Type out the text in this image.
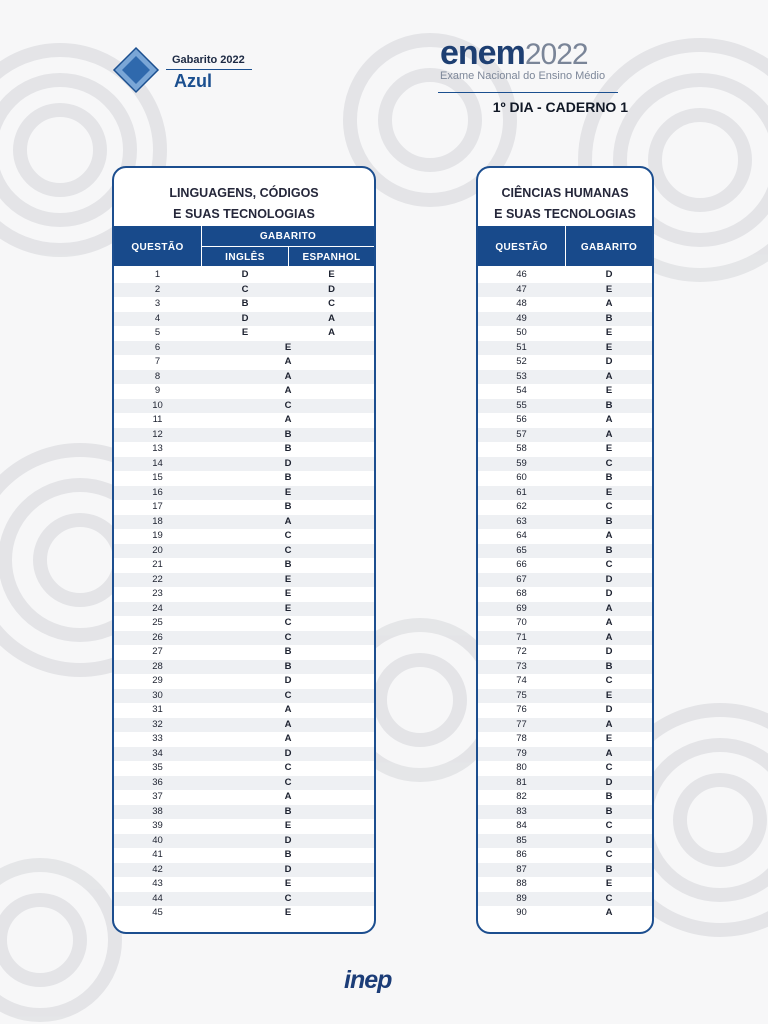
Gabarito 2022
Azul
enem2022
Exame Nacional do Ensino Médio
1º DIA - CADERNO 1
LINGUAGENS, CÓDIGOS
E SUAS TECNOLOGIAS
QUESTÃO
GABARITO
INGLÊS	ESPANHOL
1	D	E
2	C	D
3	B	C
4	D	A
5	E	A
6	E
7	A
8	A
9	A
10	C
11	A
12	B
13	B
14	D
15	B
16	E
17	B
18	A
19	C
20	C
21	B
22	E
23	E
24	E
25	C
26	C
27	B
28	B
29	D
30	C
31	A
32	A
33	A
34	D
35	C
36	C
37	A
38	B
39	E
40	D
41	B
42	D
43	E
44	C
45	E
CIÊNCIAS HUMANAS
E SUAS TECNOLOGIAS
QUESTÃO	GABARITO
46	D
47	E
48	A
49	B
50	E
51	E
52	D
53	A
54	E
55	B
56	A
57	A
58	E
59	C
60	B
61	E
62	C
63	B
64	A
65	B
66	C
67	D
68	D
69	A
70	A
71	A
72	D
73	B
74	C
75	E
76	D
77	A
78	E
79	A
80	C
81	D
82	B
83	B
84	C
85	D
86	C
87	B
88	E
89	C
90	A
inep
